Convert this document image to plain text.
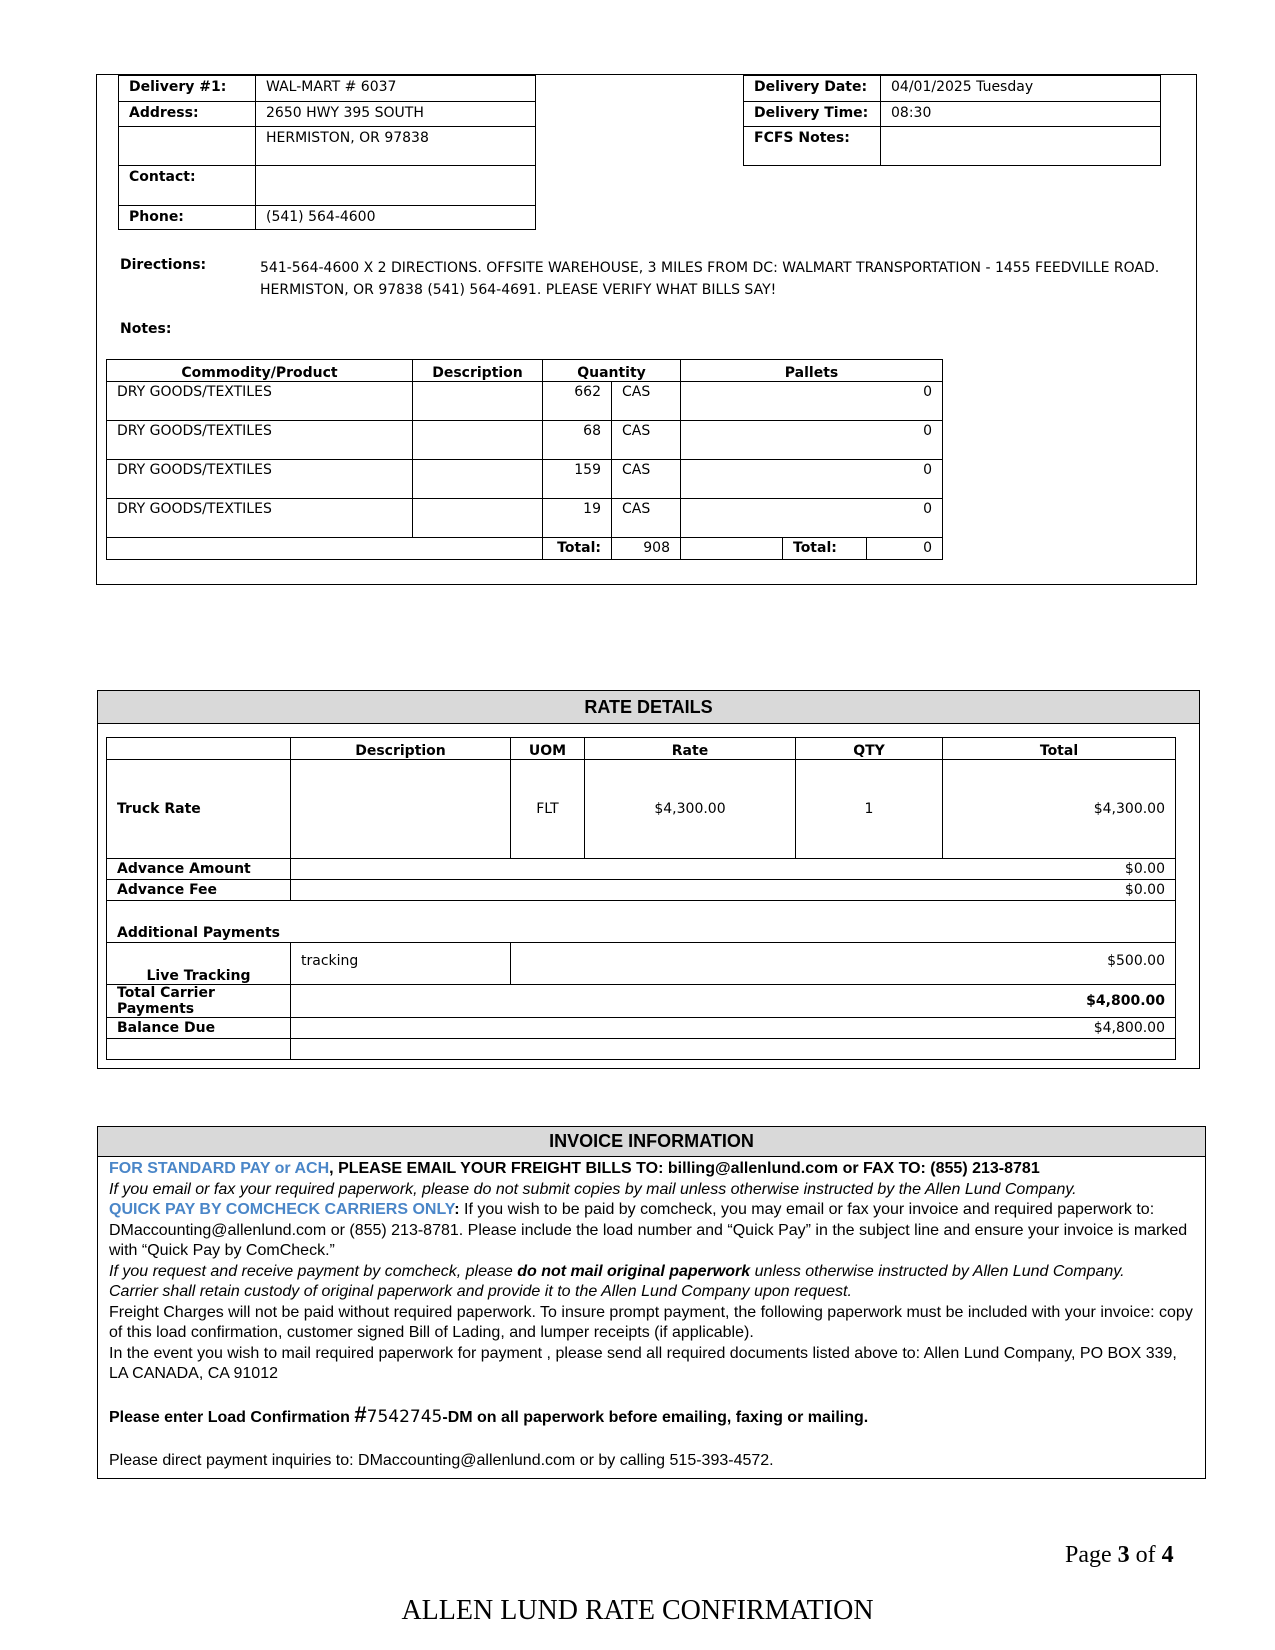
Delivery #1:	WAL-MART # 6037
Address:	2650 HWY 395 SOUTH
	HERMISTON, OR 97838
Contact:	
Phone:	(541) 564-4600
Delivery Date:	04/01/2025 Tuesday
Delivery Time:	08:30
FCFS Notes:	
Directions:	541-564-4600 X 2 DIRECTIONS. OFFSITE WAREHOUSE, 3 MILES FROM DC: WALMART TRANSPORTATION - 1455 FEEDVILLE ROAD.
HERMISTON, OR 97838 (541) 564-4691. PLEASE VERIFY WHAT BILLS SAY!
Notes:
Commodity/Product	Description	Quantity		Pallets		
DRY GOODS/TEXTILES		662	CAS	0		
DRY GOODS/TEXTILES		68	CAS	0		
DRY GOODS/TEXTILES		159	CAS	0		
DRY GOODS/TEXTILES		19	CAS	0		
		Total:	908		Total:	0
RATE DETAILS
	Description	UOM	Rate	QTY	Total
Truck Rate		FLT	$4,300.00	1	$4,300.00
Advance Amount	$0.00				
Advance Fee	$0.00				
Additional Payments					
Live Tracking	tracking	$500.00			
Total Carrier Payments	$4,800.00				
Balance Due	$4,800.00				

INVOICE INFORMATION
FOR STANDARD PAY or ACH, PLEASE EMAIL YOUR FREIGHT BILLS TO: billing@allenlund.com or FAX TO: (855) 213-8781
If you email or fax your required paperwork, please do not submit copies by mail unless otherwise instructed by the Allen Lund Company.
QUICK PAY BY COMCHECK CARRIERS ONLY: If you wish to be paid by comcheck, you may email or fax your invoice and required paperwork to: DMaccounting@allenlund.com or (855) 213-8781. Please include the load number and “Quick Pay” in the subject line and ensure your invoice is marked with “Quick Pay by ComCheck.”
If you request and receive payment by comcheck, please do not mail original paperwork unless otherwise instructed by Allen Lund Company.
Carrier shall retain custody of original paperwork and provide it to the Allen Lund Company upon request.
Freight Charges will not be paid without required paperwork. To insure prompt payment, the following paperwork must be included with your invoice: copy of this load confirmation, customer signed Bill of Lading, and lumper receipts (if applicable).
In the event you wish to mail required paperwork for payment , please send all required documents listed above to: Allen Lund Company, PO BOX 339, LA CANADA, CA 91012
Please enter Load Confirmation #7542745-DM on all paperwork before emailing, faxing or mailing.
Please direct payment inquiries to: DMaccounting@allenlund.com or by calling 515-393-4572.
Page 3 of 4
ALLEN LUND RATE CONFIRMATION
